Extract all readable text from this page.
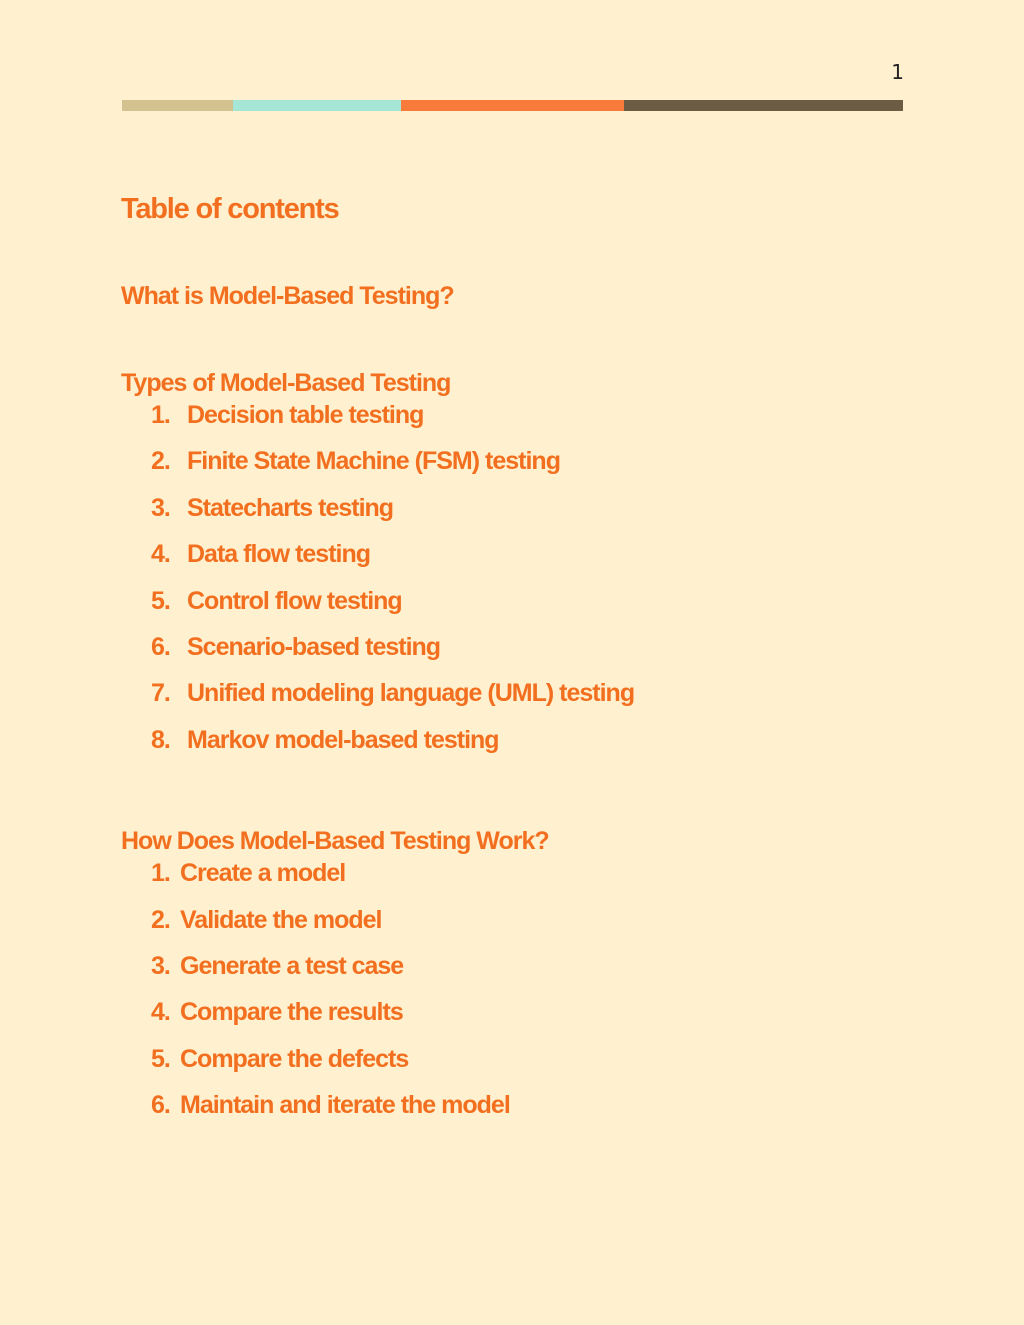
1
Table of contents
What is Model-Based Testing?
Types of Model-Based Testing
1. Decision table testing
2. Finite State Machine (FSM) testing
3. Statecharts testing
4. Data flow testing
5. Control flow testing
6. Scenario-based testing
7. Unified modeling language (UML) testing
8. Markov model-based testing
How Does Model-Based Testing Work?
1. Create a model
2. Validate the model
3. Generate a test case
4. Compare the results
5. Compare the defects
6. Maintain and iterate the model
